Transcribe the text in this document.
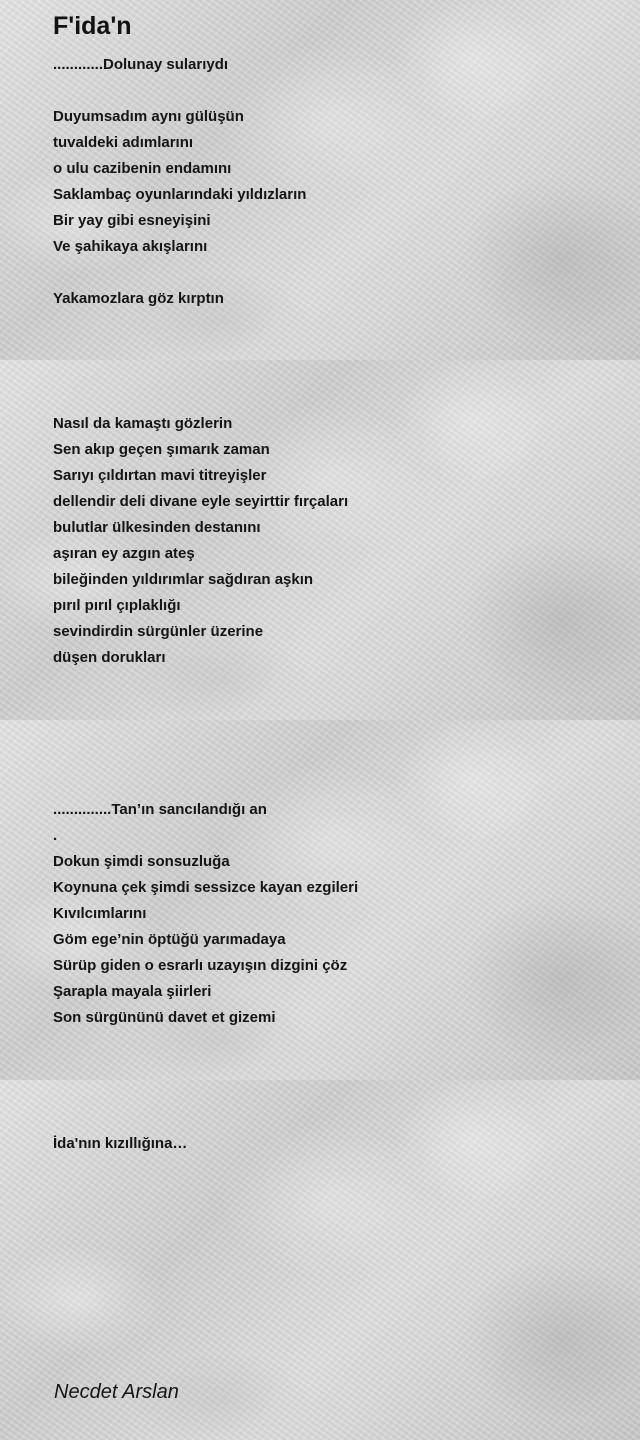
F'ida'n
............Dolunay sularıydı
Duyumsadım aynı gülüşün
tuvaldeki adımlarını
o ulu cazibenin endamını
Saklambaç oyunlarındaki yıldızların
Bir yay gibi esneyişini
Ve şahikaya akışlarını
Yakamozlara göz kırptın
Nasıl da kamaştı gözlerin
Sen akıp geçen şımarık zaman
Sarıyı çıldırtan mavi titreyişler
dellendir deli divane eyle seyirttir fırçaları
bulutlar ülkesinden destanını
aşıran ey azgın ateş
bileğinden yıldırımlar sağdıran aşkın
pırıl pırıl çıplaklığı
sevindirdin sürgünler üzerine
düşen dorukları
..............Tan’ın sancılandığı an
.
Dokun şimdi sonsuzluğa
Koynuna çek şimdi sessizce kayan ezgileri
Kıvılcımlarını
Göm ege’nin öptüğü yarımadaya
Sürüp giden o esrarlı uzayışın dizgini çöz
Şarapla mayala şiirleri
Son sürgününü davet et gizemi
İda'nın kızıllığına…
Necdet Arslan
